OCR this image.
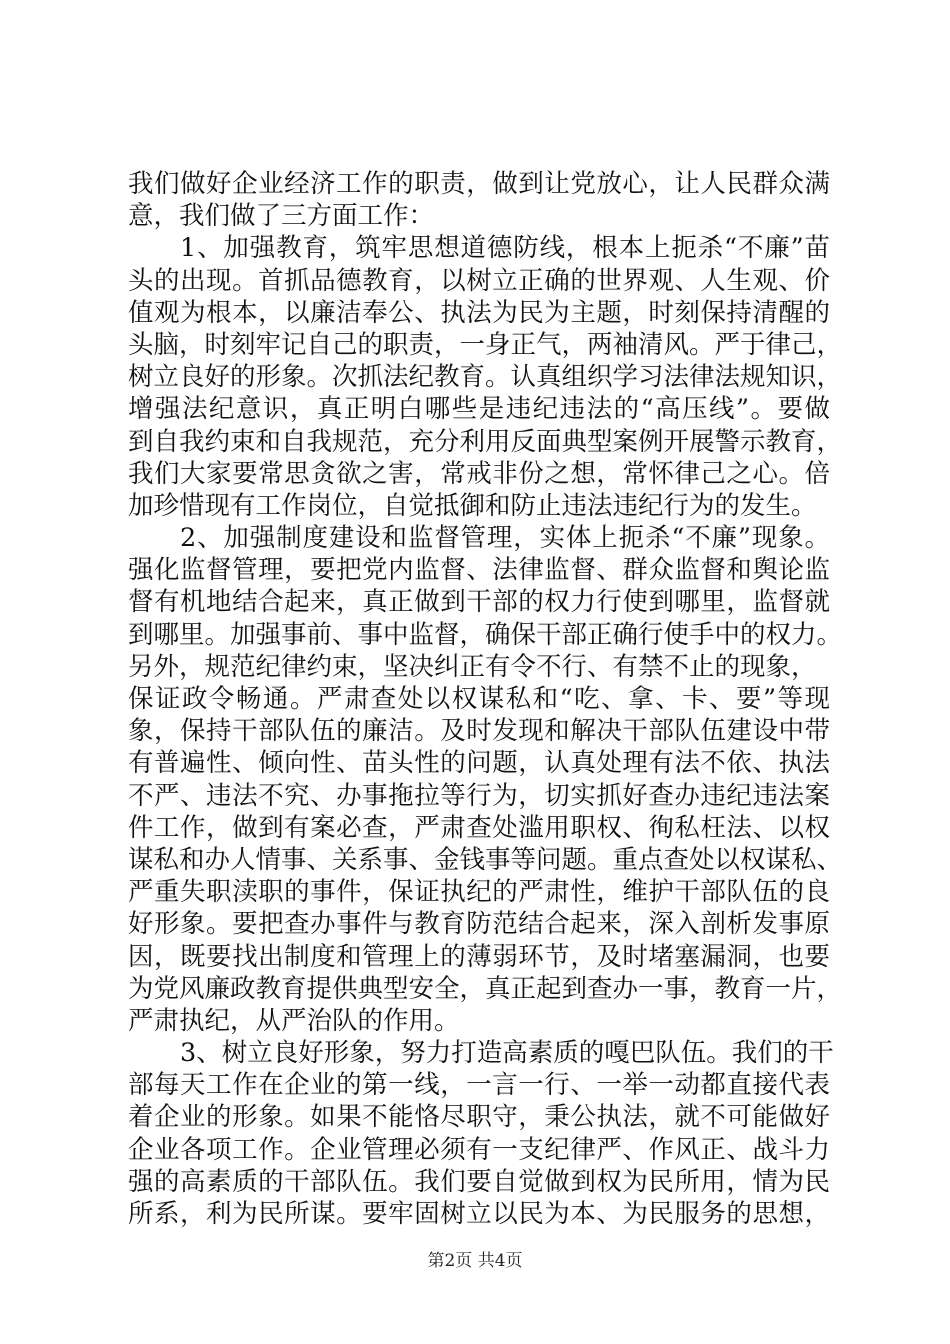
我们做好企业经济工作的职责，做到让党放心，让人民群众满
意，我们做了三方面工作：
1、加强教育，筑牢思想道德防线，根本上扼杀“不廉”苗
头的出现。首抓品德教育，以树立正确的世界观、人生观、价
值观为根本，以廉洁奉公、执法为民为主题，时刻保持清醒的
头脑，时刻牢记自己的职责，一身正气，两袖清风。严于律己，
树立良好的形象。次抓法纪教育。认真组织学习法律法规知识，
增强法纪意识，真正明白哪些是违纪违法的“高压线”。要做
到自我约束和自我规范，充分利用反面典型案例开展警示教育，
我们大家要常思贪欲之害，常戒非份之想，常怀律己之心。倍
加珍惜现有工作岗位，自觉抵御和防止违法违纪行为的发生。
2、加强制度建设和监督管理，实体上扼杀“不廉”现象。
强化监督管理，要把党内监督、法律监督、群众监督和舆论监
督有机地结合起来，真正做到干部的权力行使到哪里，监督就
到哪里。加强事前、事中监督，确保干部正确行使手中的权力。
另外，规范纪律约束，坚决纠正有令不行、有禁不止的现象，
保证政令畅通。严肃查处以权谋私和“吃、拿、卡、要”等现
象，保持干部队伍的廉洁。及时发现和解决干部队伍建设中带
有普遍性、倾向性、苗头性的问题，认真处理有法不依、执法
不严、违法不究、办事拖拉等行为，切实抓好查办违纪违法案
件工作，做到有案必查，严肃查处滥用职权、徇私枉法、以权
谋私和办人情事、关系事、金钱事等问题。重点查处以权谋私、
严重失职渎职的事件，保证执纪的严肃性，维护干部队伍的良
好形象。要把查办事件与教育防范结合起来，深入剖析发事原
因，既要找出制度和管理上的薄弱环节，及时堵塞漏洞，也要
为党风廉政教育提供典型安全，真正起到查办一事，教育一片，
严肃执纪，从严治队的作用。
3、树立良好形象，努力打造高素质的嘎巴队伍。我们的干
部每天工作在企业的第一线，一言一行、一举一动都直接代表
着企业的形象。如果不能恪尽职守，秉公执法，就不可能做好
企业各项工作。企业管理必须有一支纪律严、作风正、战斗力
强的高素质的干部队伍。我们要自觉做到权为民所用，情为民
所系，利为民所谋。要牢固树立以民为本、为民服务的思想，
第2页 共4页
